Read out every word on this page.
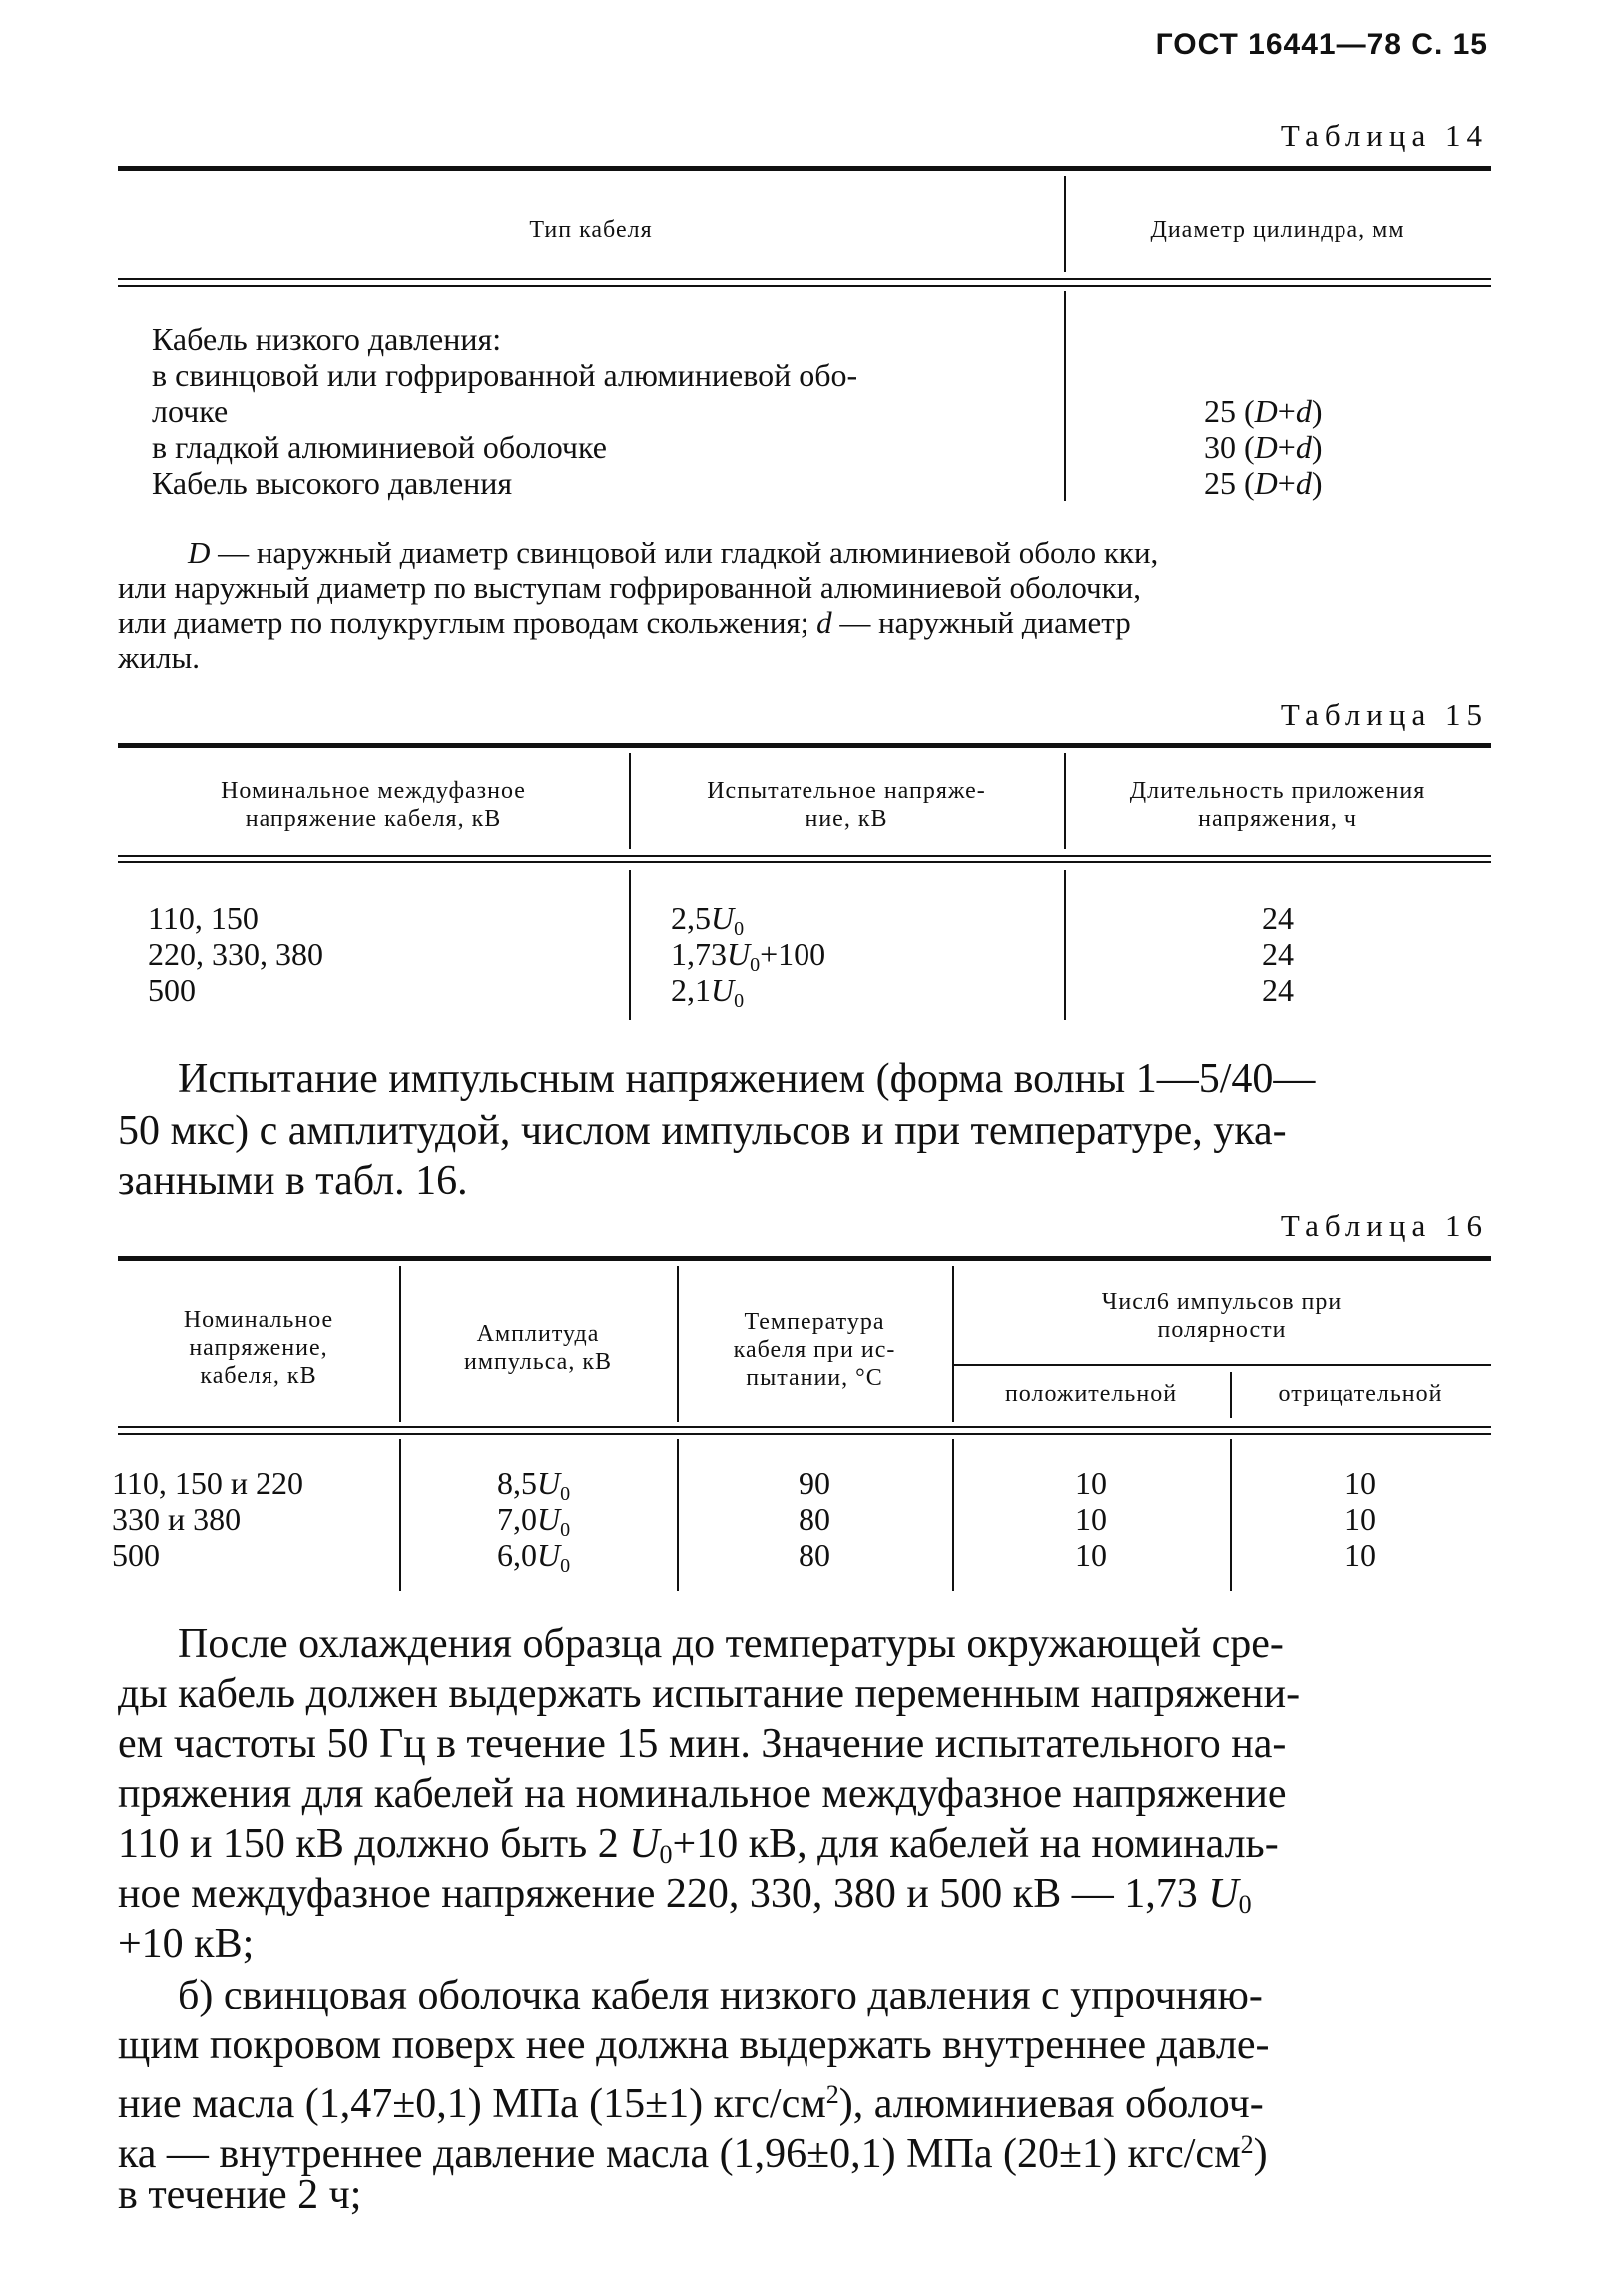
ГОСТ 16441—78 С. 15
Таблица 14
Тип кабеля	Диаметр цилиндра, мм
Кабель низкого давления:
в свинцовой или гофрированной алюминиевой обо-
лочке
в гладкой алюминиевой оболочке
Кабель высокого давления
25 (D+d)
30 (D+d)
25 (D+d)
D — наружный диаметр свинцовой или гладкой алюминиевой оболо кки,
или наружный диаметр по выступам гофрированной алюминиевой оболочки,
или диаметр по полукруглым проводам скольжения; d — наружный диаметр
жилы.
Таблица 15
Номинальное междуфазное
напряжение кабеля, кВ
Испытательное напряже-
ние, кВ
Длительность приложения
напряжения, ч
110, 150
220, 330, 380
500
$2,5U_0$
$1,73U_0+100$
$2,1U_0$
24
24
24
Испытание импульсным напряжением (форма волны 1—5/40—
50 мкс) с амплитудой, числом импульсов и при температуре, ука-
занными в табл. 16.
Таблица 16
Номинальное
напряжение,
кабеля, кВ
Амплитуда
импульса, кВ
Температура
кабеля при ис-
пытании, °С
Числ6 импульсов при
полярности
положительной	отрицательной
110, 150 и 220
330 и 380
500
$8,5U_0$
$7,0U_0$
$6,0U_0$
90
80
80
10
10
10
10
10
10
После охлаждения образца до температуры окружающей сре-
ды кабель должен выдержать испытание переменным напряжени-
ем частоты 50 Гц в течение 15 мин. Значение испытательного на-
пряжения для кабелей на номинальное междуфазное напряжение
110 и 150 кВ должно быть 2 $U_0+10$ кВ, для кабелей на номиналь-
ное междуфазное напряжение 220, 330, 380 и 500 кВ — 1,73 $U_0$
+10 кВ;
б) свинцовая оболочка кабеля низкого давления с упрочняю-
щим покровом поверх нее должна выдержать внутреннее давле-
ние масла (1,47±0,1) МПа (15±1) кгс/$см^2$), алюминиевая оболоч-
ка — внутреннее давление масла (1,96±0,1) МПа (20±1) кгс/$см^2$)
в течение 2 ч;
